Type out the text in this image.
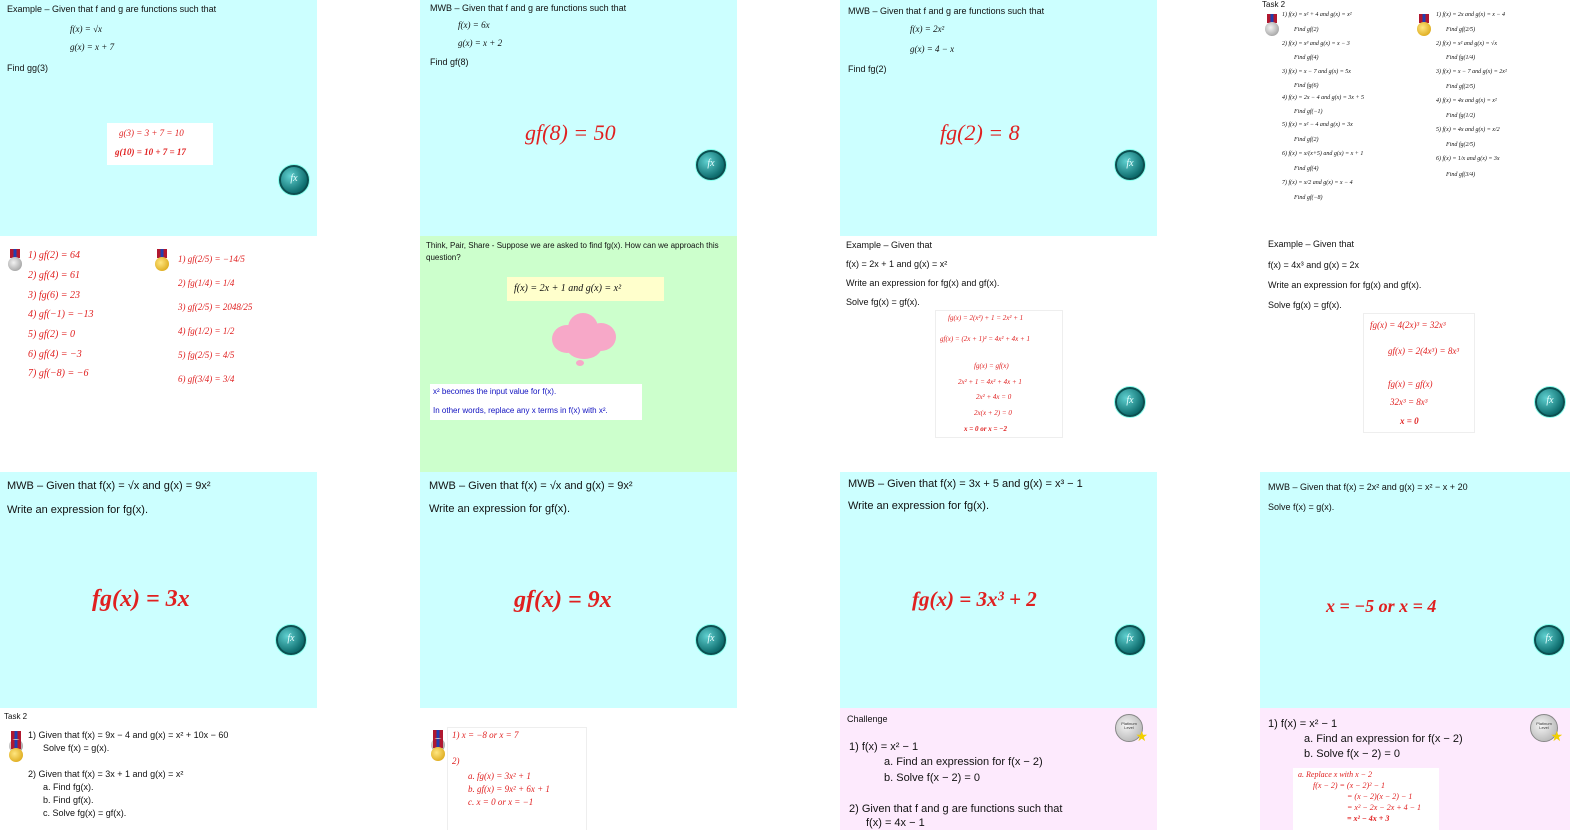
Example – Given that f and g are functions such that
f(x) = √x
g(x) = x + 7
Find gg(3)
g(3) = 3 + 7 = 10
g(10) = 10 + 7 = 17
fx
MWB – Given that f and g are functions such that
f(x) = 6x
g(x) = x + 2
Find gf(8)
gf(8) = 50
fx
MWB – Given that f and g are functions such that
f(x) = 2x²
g(x) = 4 − x
Find fg(2)
fg(2) = 8
fx
Task 2
1) f(x) = x² + 4 and g(x) = x²
Find gf(2)
2) f(x) = x³ and g(x) = x − 3
Find gf(4)
3) f(x) = x − 7 and g(x) = 5x
Find fg(6)
4) f(x) = 2x − 4 and g(x) = 3x + 5
Find gf(−1)
5) f(x) = x² − 4 and g(x) = 3x
Find gf(2)
6) f(x) = x/(x+5) and g(x) = x + 1
Find gf(4)
7) f(x) = x/2 and g(x) = x − 4
Find gf(−8)
1) f(x) = 2x and g(x) = x − 4
Find gf(2/5)
2) f(x) = x² and g(x) = √x
Find fg(1/4)
3) f(x) = x − 7 and g(x) = 2x²
Find gf(2/5)
4) f(x) = 4x and g(x) = x²
Find fg(1/2)
5) f(x) = 4x and g(x) = x/2
Find fg(2/5)
6) f(x) = 1/x and g(x) = 3x
Find gf(3/4)
1) gf(2) = 64
2) gf(4) = 61
3) fg(6) = 23
4) gf(−1) = −13
5) gf(2) = 0
6) gf(4) = −3
7) gf(−8) = −6
1) gf(2/5) = −14/5
2) fg(1/4) = 1/4
3) gf(2/5) = 2048/25
4) fg(1/2) = 1/2
5) fg(2/5) = 4/5
6) gf(3/4) = 3/4
Think, Pair, Share - Suppose we are asked to find fg(x). How can we approach this
question?
f(x) = 2x + 1 and g(x) = x²
x² becomes the input value for f(x).
In other words, replace any x terms in f(x) with x².
Example – Given that
f(x) = 2x + 1 and g(x) = x²
Write an expression for fg(x) and gf(x).
Solve fg(x) = gf(x).
fg(x) = 2(x²) + 1 = 2x² + 1
gf(x) = (2x + 1)² = 4x² + 4x + 1
fg(x) = gf(x)
2x² + 1 = 4x² + 4x + 1
2x² + 4x = 0
2x(x + 2) = 0
x = 0 or x = −2
fx
Example – Given that
f(x) = 4x³ and g(x) = 2x
Write an expression for fg(x) and gf(x).
Solve fg(x) = gf(x).
fg(x) = 4(2x)³ = 32x³
gf(x) = 2(4x³) = 8x³
fg(x) = gf(x)
32x³ = 8x³
x = 0
fx
MWB – Given that f(x) = √x and g(x) = 9x²
Write an expression for fg(x).
fg(x) = 3x
fx
MWB – Given that f(x) = √x and g(x) = 9x²
Write an expression for gf(x).
gf(x) = 9x
fx
MWB – Given that f(x) = 3x + 5 and g(x) = x³ − 1
Write an expression for fg(x).
fg(x) = 3x³ + 2
fx
MWB – Given that f(x) = 2x² and g(x) = x² − x + 20
Solve f(x) = g(x).
x = −5 or x = 4
fx
Task 2
1) Given that f(x) = 9x − 4 and g(x) = x² + 10x − 60
Solve f(x) = g(x).
2) Given that f(x) = 3x + 1 and g(x) = x²
a. Find fg(x).
b. Find gf(x).
c. Solve fg(x) = gf(x).
1) x = −8 or x = 7
2)
a. fg(x) = 3x² + 1
b. gf(x) = 9x² + 6x + 1
c. x = 0 or x = −1
Challenge
1) f(x) = x² − 1
a. Find an expression for f(x − 2)
b. Solve f(x − 2) = 0
2) Given that f and g are functions such that
f(x) = 4x − 1
Platinum Level
★
1) f(x) = x² − 1
a. Find an expression for f(x − 2)
b. Solve f(x − 2) = 0
a. Replace x with x − 2
f(x − 2) = (x − 2)² − 1
= (x − 2)(x − 2) − 1
= x² − 2x − 2x + 4 − 1
= x² − 4x + 3
Platinum Level
★
